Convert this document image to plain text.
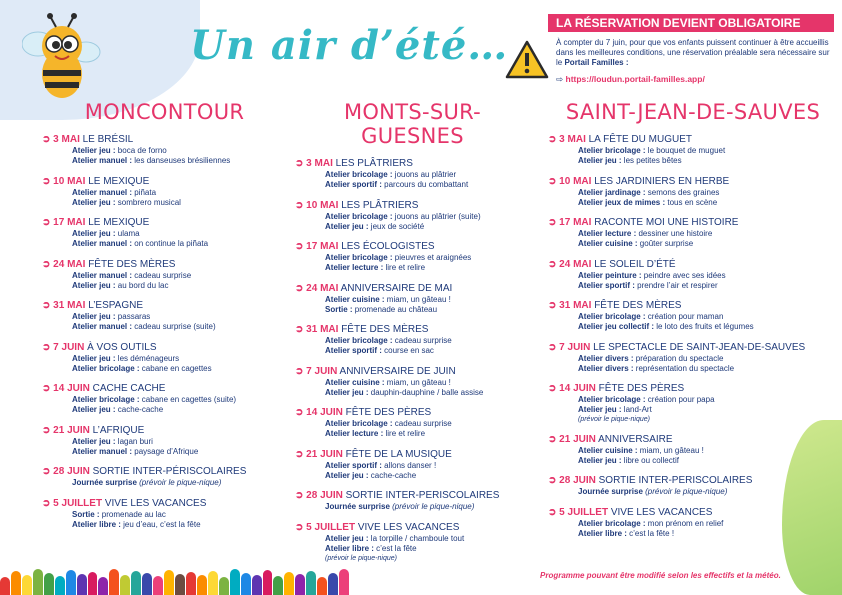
Un air d’été…	LA RÉSERVATION DEVIENT OBLIGATOIRE
À compter du 7 juin, pour que vos enfants puissent continuer à être accueillis dans les meilleures conditions, une réservation préalable sera nécessaire sur le Portail Familles :
⇨ https://loudun.portail-familles.app/
MONCONTOUR
➲ 3 MAI LE BRÉSIL
Atelier jeu : boca de forno
Atelier manuel : les danseuses brésiliennes
➲ 10 MAI LE MEXIQUE
Atelier manuel : piñata
Atelier jeu : sombrero musical
➲ 17 MAI LE MEXIQUE
Atelier jeu : ulama
Atelier manuel : on continue la piñata
➲ 24 MAI FÊTE DES MÈRES
Atelier manuel : cadeau surprise
Atelier jeu : au bord du lac
➲ 31 MAI L’ESPAGNE
Atelier jeu : passaras
Atelier manuel : cadeau surprise (suite)
➲ 7 JUIN À VOS OUTILS
Atelier jeu : les déménageurs
Atelier bricolage : cabane en cagettes
➲ 14 JUIN CACHE CACHE
Atelier bricolage : cabane en cagettes (suite)
Atelier jeu : cache-cache
➲ 21 JUIN L’AFRIQUE
Atelier jeu : lagan buri
Atelier manuel : paysage d’Afrique
➲ 28 JUIN SORTIE INTER-PÉRISCOLAIRES
Journée surprise (prévoir le pique-nique)
➲ 5 JUILLET VIVE LES VACANCES
Sortie : promenade au lac
Atelier libre : jeu d’eau, c’est la fête
MONTS-SUR-GUESNES
➲ 3 MAI LES PLÂTRIERS
Atelier bricolage : jouons au plâtrier
Atelier sportif : parcours du combattant
➲ 10 MAI LES PLÂTRIERS
Atelier bricolage : jouons au plâtrier (suite)
Atelier jeu : jeux de société
➲ 17 MAI LES ÉCOLOGISTES
Atelier bricolage : pieuvres et araignées
Atelier lecture : lire et relire
➲ 24 MAI ANNIVERSAIRE DE MAI
Atelier cuisine : miam, un gâteau !
Sortie : promenade au château
➲ 31 MAI FÊTE DES MÈRES
Atelier bricolage : cadeau surprise
Atelier sportif : course en sac
➲ 7 JUIN ANNIVERSAIRE DE JUIN
Atelier cuisine : miam, un gâteau !
Atelier jeu : dauphin-dauphine / balle assise
➲ 14 JUIN FÊTE DES PÈRES
Atelier bricolage : cadeau surprise
Atelier lecture : lire et relire
➲ 21 JUIN FÊTE DE LA MUSIQUE
Atelier sportif : allons danser !
Atelier jeu : cache-cache
➲ 28 JUIN SORTIE INTER-PERISCOLAIRES
Journée surprise (prévoir le pique-nique)
➲ 5 JUILLET VIVE LES VACANCES
Atelier jeu : la torpille / chamboule tout
Atelier libre : c’est la fête
(prévoir le pique-nique)
SAINT-JEAN-DE-SAUVES
➲ 3 MAI LA FÊTE DU MUGUET
Atelier bricolage : le bouquet de muguet
Atelier jeu : les petites bêtes
➲ 10 MAI LES JARDINIERS EN HERBE
Atelier jardinage : semons des graines
Atelier jeux de mimes : tous en scène
➲ 17 MAI RACONTE MOI UNE HISTOIRE
Atelier lecture : dessiner une histoire
Atelier cuisine : goûter surprise
➲ 24 MAI LE SOLEIL D’ÉTÉ
Atelier peinture : peindre avec ses idées
Atelier sportif : prendre l’air et respirer
➲ 31 MAI FÊTE DES MÈRES
Atelier bricolage : création pour maman
Atelier jeu collectif : le loto des fruits et légumes
➲ 7 JUIN LE SPECTACLE DE SAINT-JEAN-DE-SAUVES
Atelier divers : préparation du spectacle
Atelier divers : représentation du spectacle
➲ 14 JUIN FÊTE DES PÈRES
Atelier bricolage : création pour papa
Atelier jeu : land-Art
(prévoir le pique-nique)
➲ 21 JUIN ANNIVERSAIRE
Atelier cuisine : miam, un gâteau !
Atelier jeu : libre ou collectif
➲ 28 JUIN SORTIE INTER-PERISCOLAIRES
Journée surprise (prévoir le pique-nique)
➲ 5 JUILLET VIVE LES VACANCES
Atelier bricolage : mon prénom en relief
Atelier libre : c’est la fête !
Programme pouvant être modifié selon les effectifs et la météo.
